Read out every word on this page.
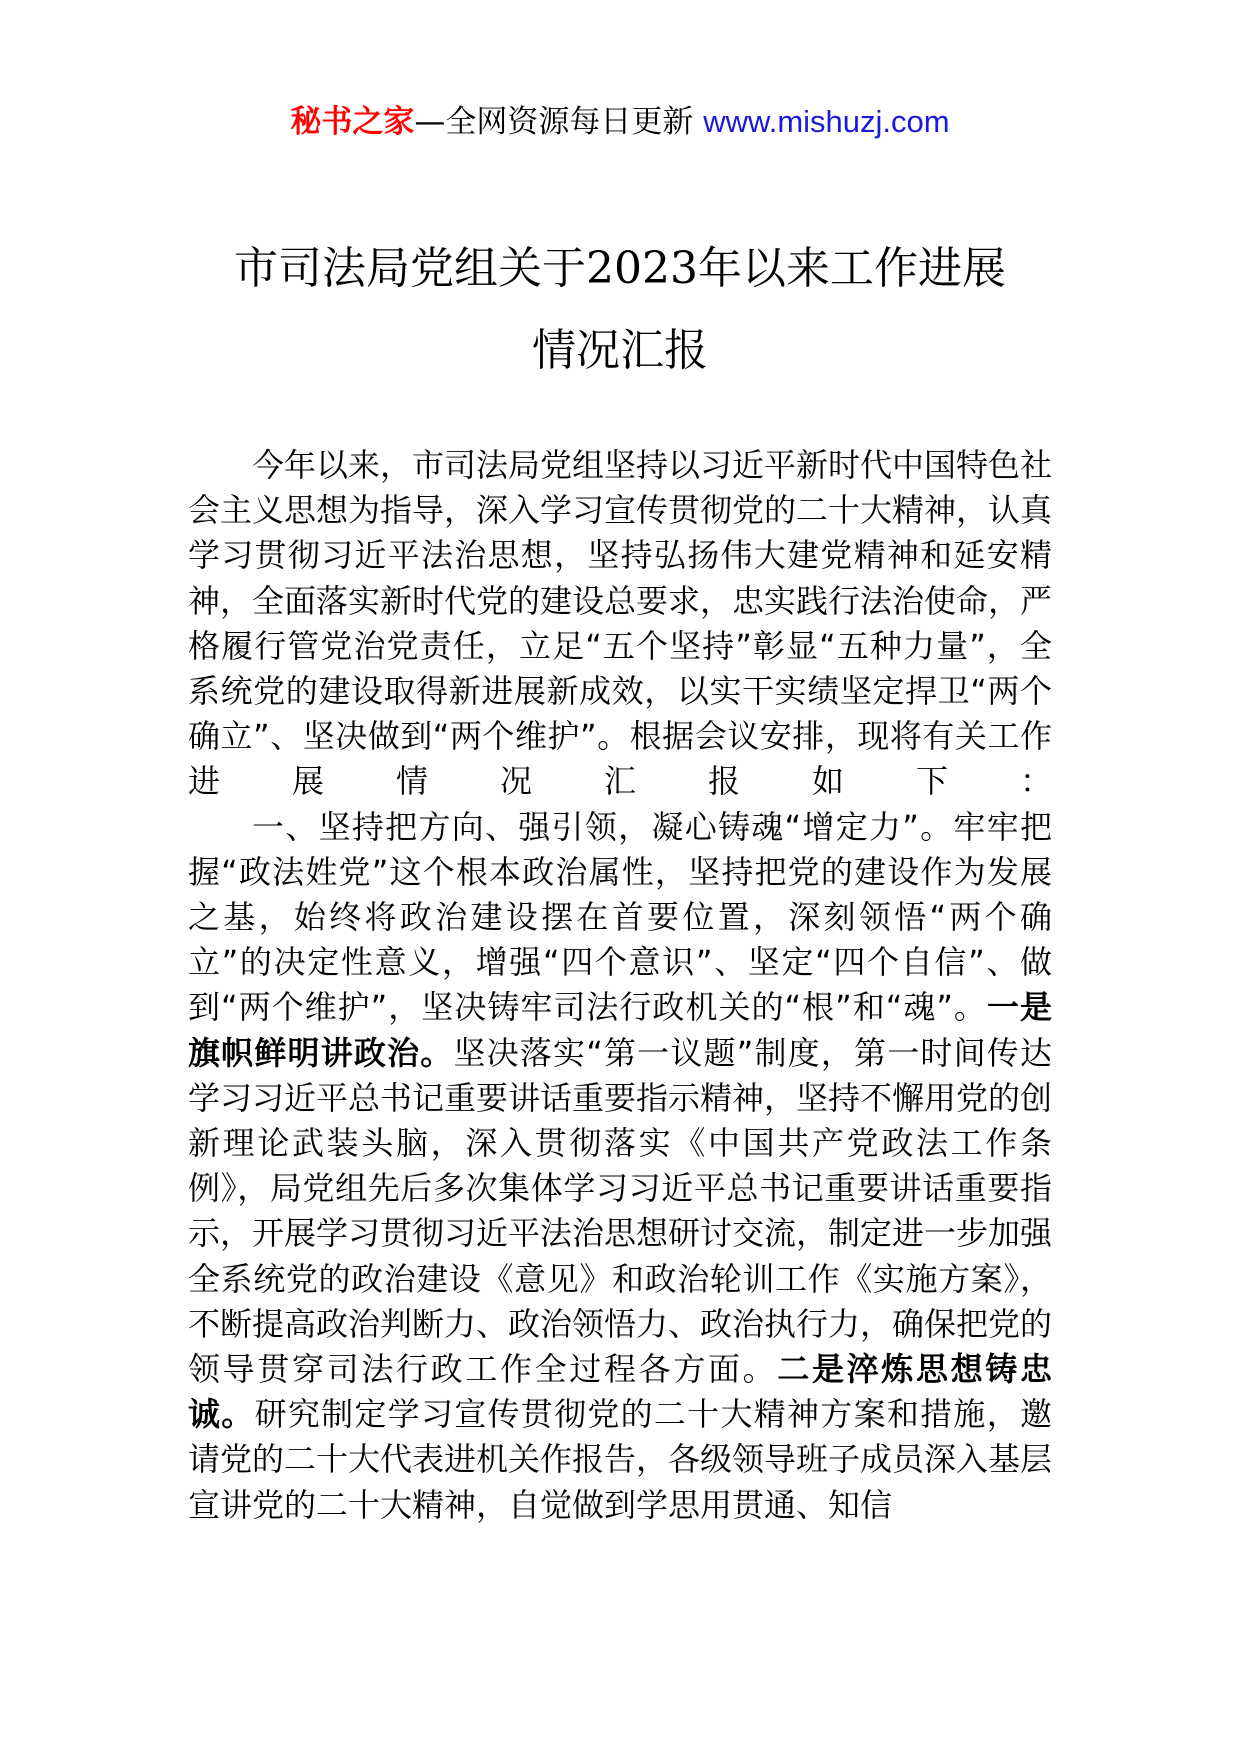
秘书之家—全网资源每日更新 www.mishuzj.com
市司法局党组关于2023年以来工作进展
情况汇报

今年以来，市司法局党组坚持以习近平新时代中国特色社会主义思想为指导，深入学习宣传贯彻党的二十大精神，认真学习贯彻习近平法治思想，坚持弘扬伟大建党精神和延安精神，全面落实新时代党的建设总要求，忠实践行法治使命，严格履行管党治党责任，立足“五个坚持”彰显“五种力量”，全系统党的建设取得新进展新成效，以实干实绩坚定捍卫“两个确立”、坚决做到“两个维护”。根据会议安排，现将有关工作进展情况汇报如下：

一、坚持把方向、强引领，凝心铸魂“增定力”。牢牢把握“政法姓党”这个根本政治属性，坚持把党的建设作为发展之基，始终将政治建设摆在首要位置，深刻领悟“两个确立”的决定性意义，增强“四个意识”、坚定“四个自信”、做到“两个维护”，坚决铸牢司法行政机关的“根”和“魂”。一是旗帜鲜明讲政治。坚决落实“第一议题”制度，第一时间传达学习习近平总书记重要讲话重要指示精神，坚持不懈用党的创新理论武装头脑，深入贯彻落实《中国共产党政法工作条例》，局党组先后多次集体学习习近平总书记重要讲话重要指示，开展学习贯彻习近平法治思想研讨交流，制定进一步加强全系统党的政治建设《意见》和政治轮训工作《实施方案》，不断提高政治判断力、政治领悟力、政治执行力，确保把党的领导贯穿司法行政工作全过程各方面。二是淬炼思想铸忠诚。研究制定学习宣传贯彻党的二十大精神方案和措施，邀请党的二十大代表进机关作报告，各级领导班子成员深入基层宣讲党的二十大精神，自觉做到学思用贯通、知信
